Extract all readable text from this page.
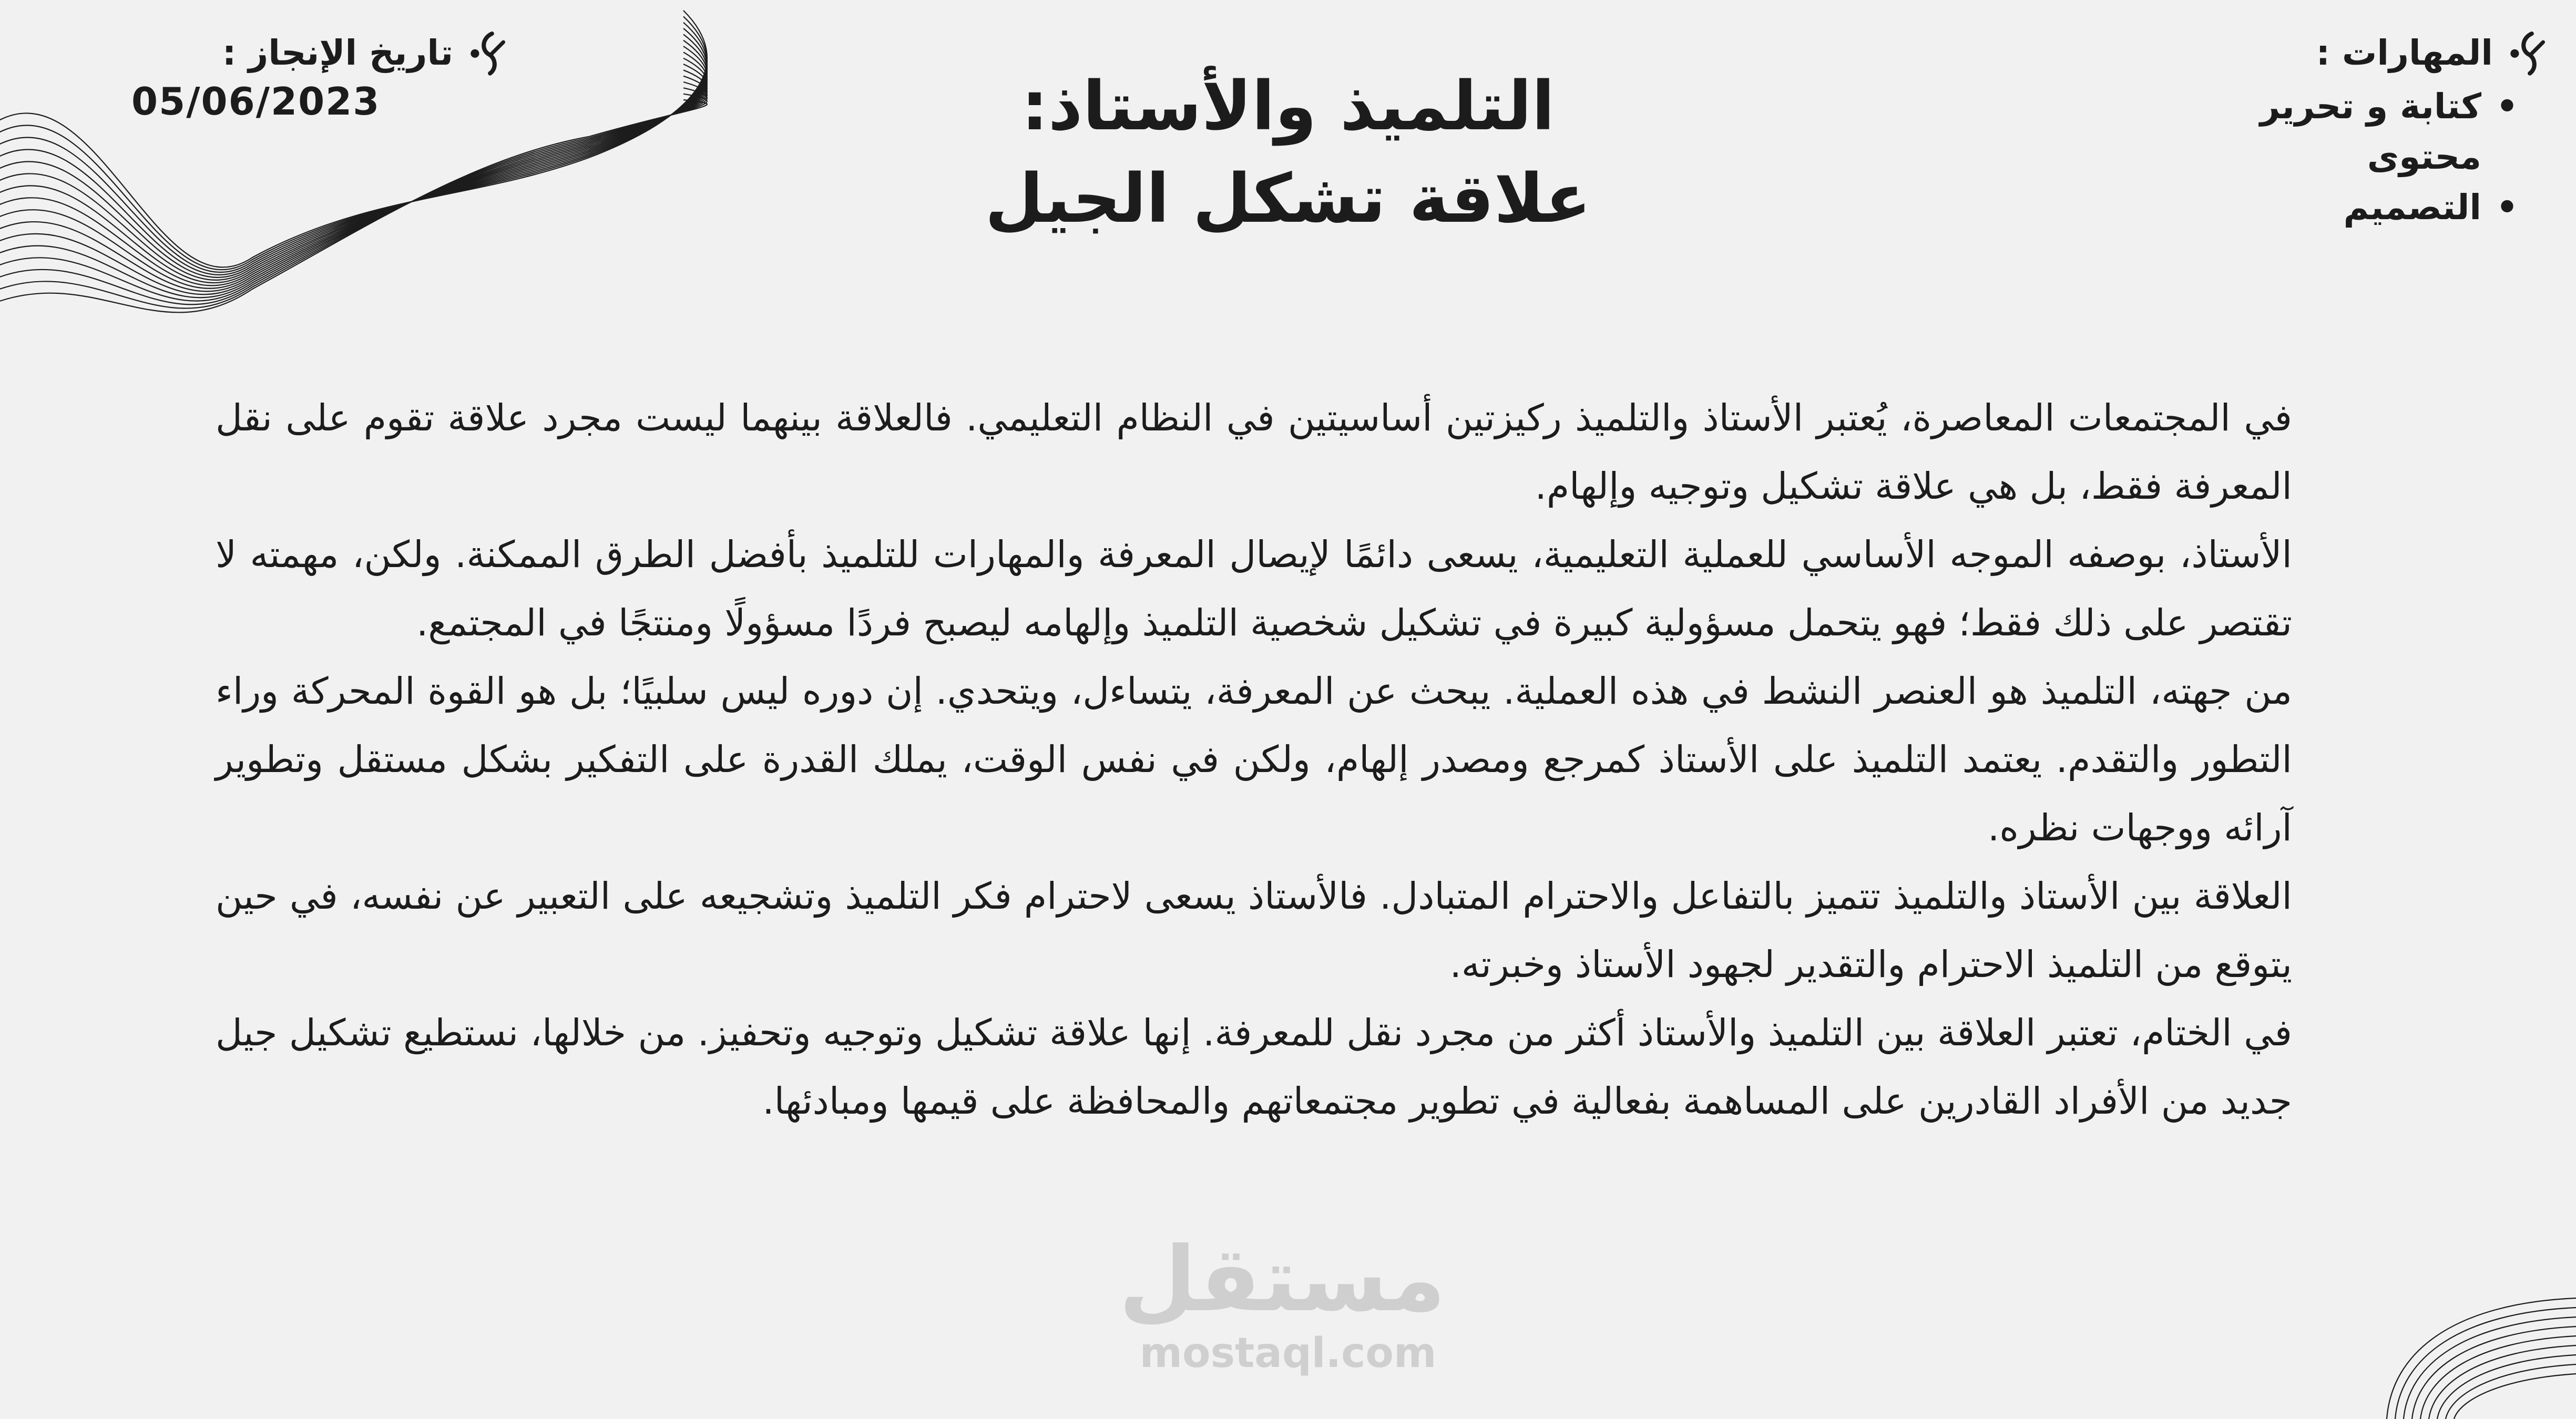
المهارات :
• كتابة و تحرير محتوى
• التصميم
تاريخ الإنجاز :
05/06/2023	التلميذ والأستاذ:
علاقة تشكل الجيل

في المجتمعات المعاصرة، يُعتبر الأستاذ والتلميذ ركيزتين أساسيتين في النظام التعليمي. فالعلاقة بينهما ليست مجرد علاقة تقوم على نقل المعرفة فقط، بل هي علاقة تشكيل وتوجيه وإلهام.

الأستاذ، بوصفه الموجه الأساسي للعملية التعليمية، يسعى دائمًا لإيصال المعرفة والمهارات للتلميذ بأفضل الطرق الممكنة. ولكن، مهمته لا تقتصر على ذلك فقط؛ فهو يتحمل مسؤولية كبيرة في تشكيل شخصية التلميذ وإلهامه ليصبح فردًا مسؤولًا ومنتجًا في المجتمع.

من جهته، التلميذ هو العنصر النشط في هذه العملية. يبحث عن المعرفة، يتساءل، ويتحدي. إن دوره ليس سلبيًا؛ بل هو القوة المحركة وراء التطور والتقدم. يعتمد التلميذ على الأستاذ كمرجع ومصدر إلهام، ولكن في نفس الوقت، يملك القدرة على التفكير بشكل مستقل وتطوير آرائه ووجهات نظره.

العلاقة بين الأستاذ والتلميذ تتميز بالتفاعل والاحترام المتبادل. فالأستاذ يسعى لاحترام فكر التلميذ وتشجيعه على التعبير عن نفسه، في حين يتوقع من التلميذ الاحترام والتقدير لجهود الأستاذ وخبرته.

في الختام، تعتبر العلاقة بين التلميذ والأستاذ أكثر من مجرد نقل للمعرفة. إنها علاقة تشكيل وتوجيه وتحفيز. من خلالها، نستطيع تشكيل جيل جديد من الأفراد القادرين على المساهمة بفعالية في تطوير مجتمعاتهم والمحافظة على قيمها ومبادئها.

مستقل
mostaql.com
